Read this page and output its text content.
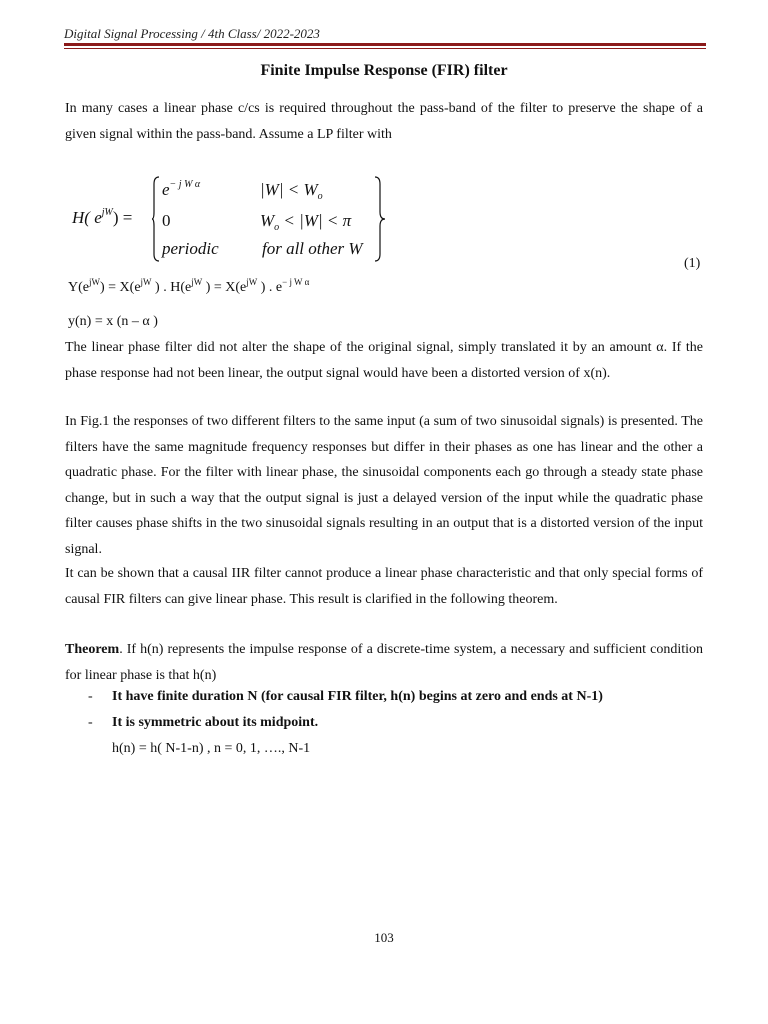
Digital Signal Processing / 4th Class/ 2022-2023
Finite Impulse Response (FIR) filter
In many cases a linear phase c/cs is required throughout the pass-band of the filter to preserve the shape of a given signal within the pass-band. Assume a LP filter with
H( $e^{jW}$) =
$e^{- j W \alpha}$	$|W| < W_o$
0	$W_o < |W| < \pi$
periodic	for all other W
(1)
$Y(e^{jW}) = X(e^{jW}$ ) . $H(e^{jW}$ ) = $X(e^{jW}$ ) . $e^{- j W \alpha}$
y(n) = x (n – α )
The linear phase filter did not alter the shape of the original signal, simply translated it by an amount α. If the phase response had not been linear, the output signal would have been a distorted version of x(n).
In Fig.1 the responses of two different filters to the same input (a sum of two sinusoidal signals) is presented. The filters have the same magnitude frequency responses but differ in their phases as one has linear and the other a quadratic phase. For the filter with linear phase, the sinusoidal components each go through a steady state phase change, but in such a way that the output signal is just a delayed version of the input while the quadratic phase filter causes phase shifts in the two sinusoidal signals resulting in an output that is a distorted version of the input signal.
It can be shown that a causal IIR filter cannot produce a linear phase characteristic and that only special forms of causal FIR filters can give linear phase. This result is clarified in the following theorem.
Theorem. If h(n) represents the impulse response of a discrete-time system, a necessary and sufficient condition for linear phase is that h(n)
- It have finite duration N (for causal FIR filter, h(n) begins at zero and ends at N-1)
- It is symmetric about its midpoint.
h(n) = h( N-1-n) , n = 0, 1, …., N-1
103
